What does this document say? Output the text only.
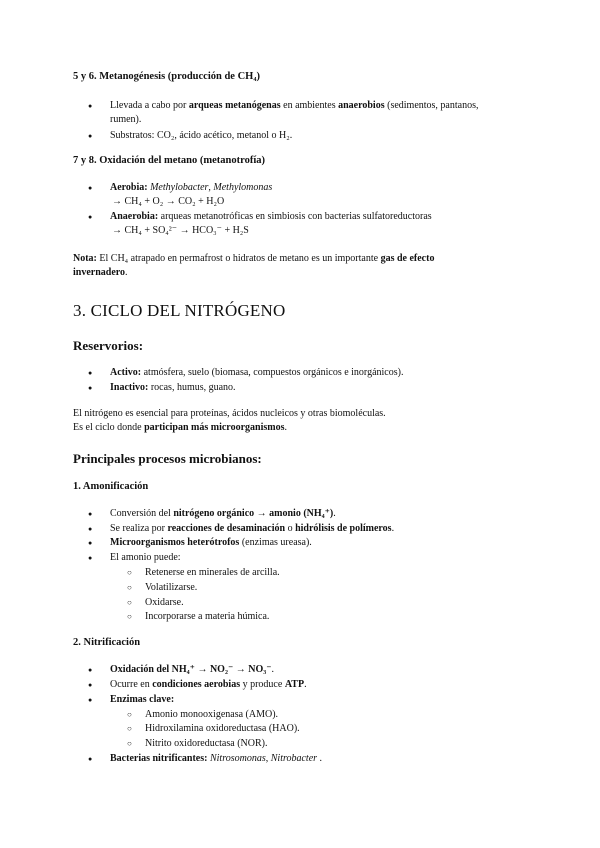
5 y 6. Metanogénesis (producción de CH₄)
● Llevada a cabo por arqueas metanógenas en ambientes anaerobios (sedimentos, pantanos,
rumen).
● Substratos: CO₂, ácido acético, metanol o H₂.
7 y 8. Oxidación del metano (metanotrofía)
● Aerobia: Methylobacter, Methylomonas
→ CH₄ + O₂ → CO₂ + H₂O
● Anaerobia: arqueas metanotróficas en simbiosis con bacterias sulfatoreductoras
→ CH₄ + SO₄²⁻ → HCO₃⁻ + H₂S
Nota: El CH₄ atrapado en permafrost o hidratos de metano es un importante gas de efecto
invernadero.
3. CICLO DEL NITRÓGENO
Reservorios:
● Activo: atmósfera, suelo (biomasa, compuestos orgánicos e inorgánicos).
● Inactivo: rocas, humus, guano.
El nitrógeno es esencial para proteínas, ácidos nucleicos y otras biomoléculas.
Es el ciclo donde participan más microorganismos.
Principales procesos microbianos:
1. Amonificación
● Conversión del nitrógeno orgánico → amonio (NH₄⁺).
● Se realiza por reacciones de desaminación o hidrólisis de polímeros.
● Microorganismos heterótrofos (enzimas ureasa).
● El amonio puede:
○ Retenerse en minerales de arcilla.
○ Volatilizarse.
○ Oxidarse.
○ Incorporarse a materia húmica.
2. Nitrificación
● Oxidación del NH₄⁺ → NO₂⁻ → NO₃⁻.
● Ocurre en condiciones aerobias y produce ATP.
● Enzimas clave:
○ Amonio monooxigenasa (AMO).
○ Hidroxilamina oxidoreductasa (HAO).
○ Nitrito oxidoreductasa (NOR).
● Bacterias nitrificantes: Nitrosomonas, Nitrobacter .
